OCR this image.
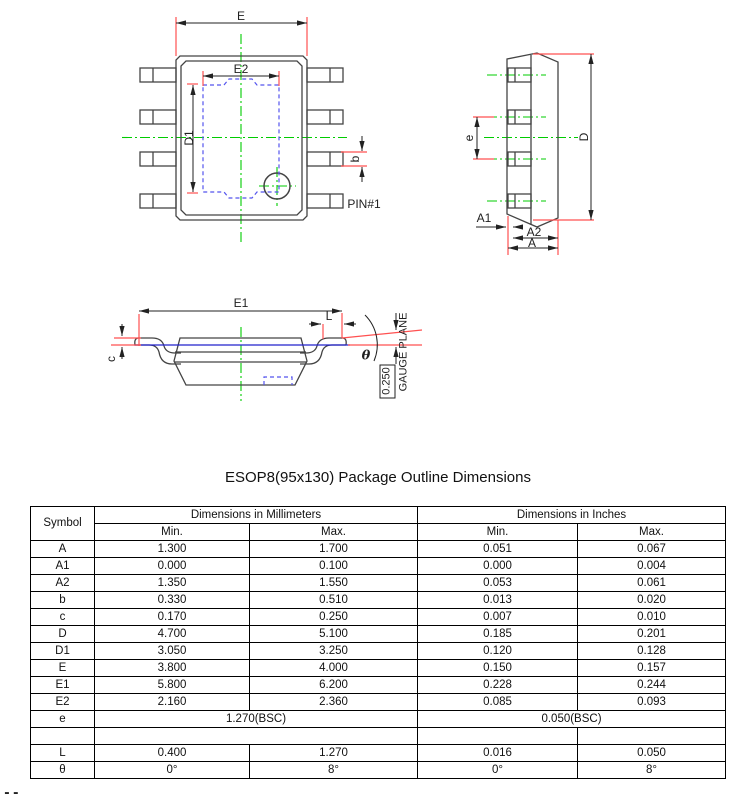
E
E2
D1
b
PIN#1
e	D
A1
A2
A
E1
L
c	θ
0.250 GAUGE PLANE
ESOP8(95x130) Package Outline Dimensions
Symbol	Dimensions in Millimeters		Dimensions in Inches	
	Min.	Max.	Min.	Max.
A	1.300	1.700	0.051	0.067
A1	0.000	0.100	0.000	0.004
A2	1.350	1.550	0.053	0.061
b	0.330	0.510	0.013	0.020
c	0.170	0.250	0.007	0.010
D	4.700	5.100	0.185	0.201
D1	3.050	3.250	0.120	0.128
E	3.800	4.000	0.150	0.157
E1	5.800	6.200	0.228	0.244
E2	2.160	2.360	0.085	0.093
e	1.270(BSC)		0.050(BSC)	

L	0.400	1.270	0.016	0.050
θ	0°	8°	0°	8°
--
